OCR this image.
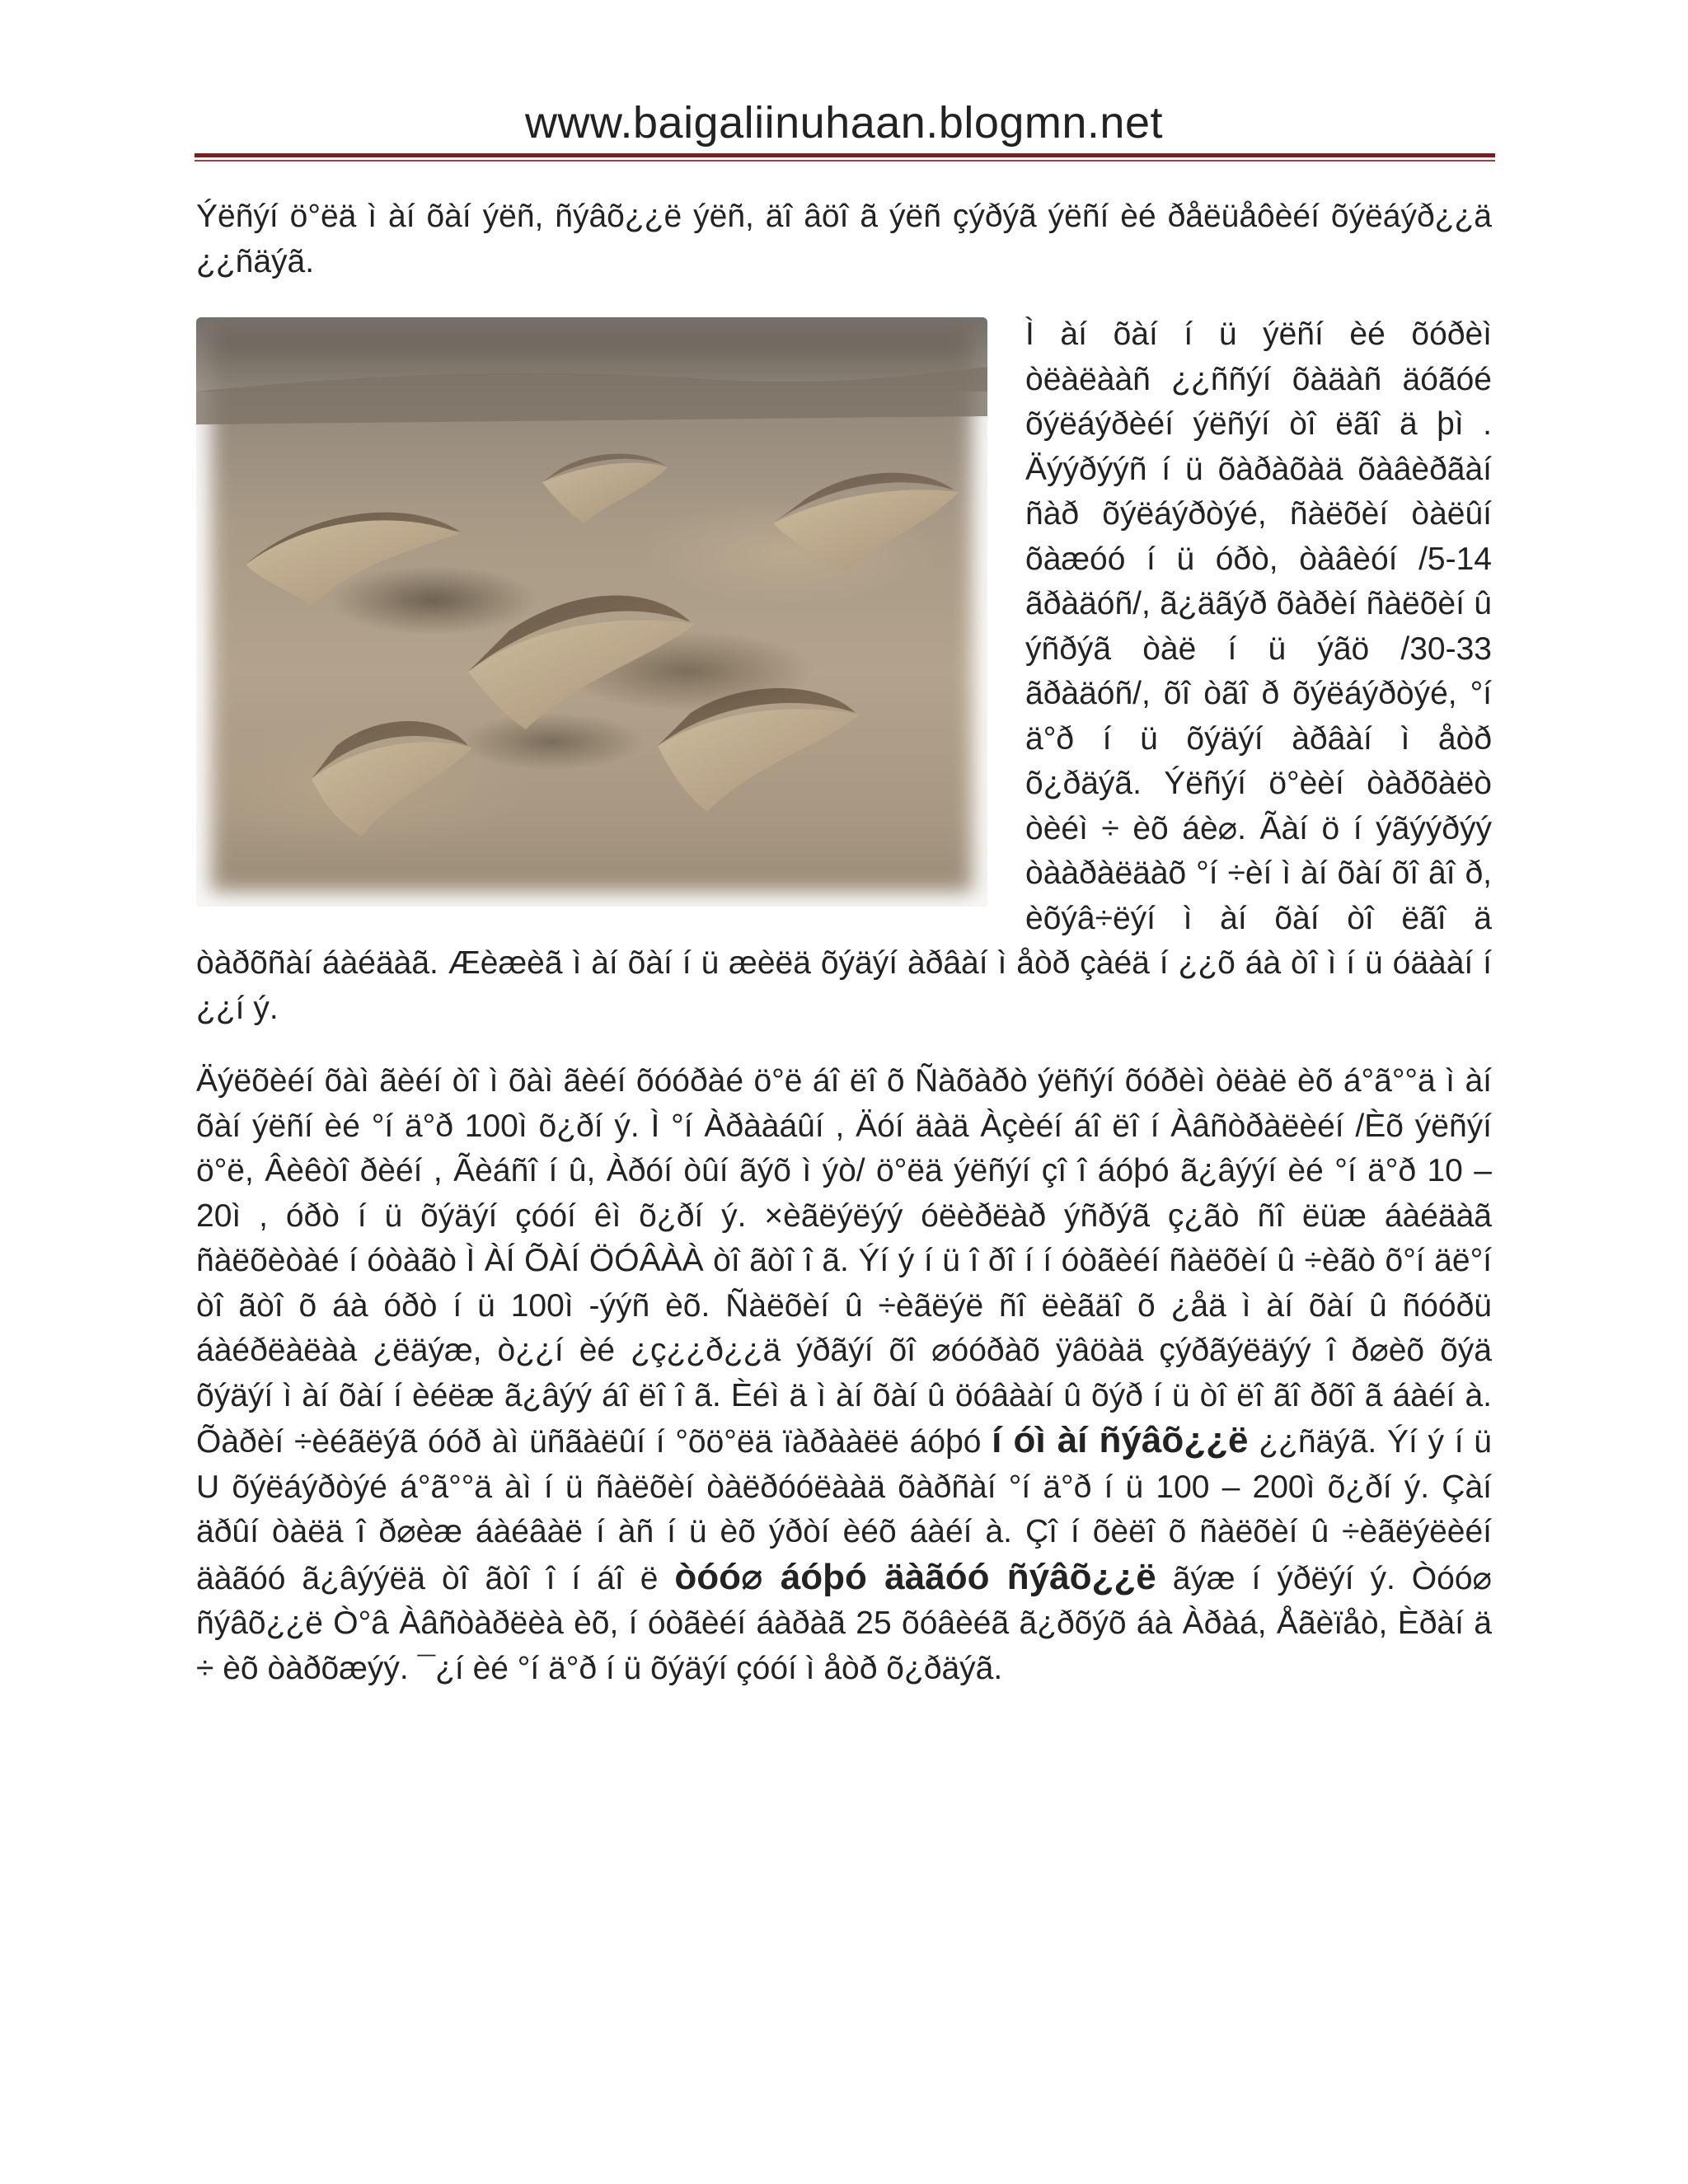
www.baigaliinuhaan.blogmn.net

Ýëñýí ö°ëä ì àí õàí ýëñ, ñýâõ¿¿ë ýëñ, äî âöî ã ýëñ çýðýã ýëñí èé ðåëüåôèéí õýëáýð¿¿ä ¿¿ñäýã.

Ì àí õàí í ü ýëñí èé õóðèì òëàëààñ ¿¿ññýí õàäàñ äóãóé õýëáýðèéí ýëñýí òî ëãî ä þì . Äýýðýýñ í ü õàðàõàä õàâèðãàí ñàð õýëáýðòýé, ñàëõèí òàëûí õàæóó í ü óðò, òàâèóí /5-14 ãðàäóñ/, ã¿äãýð õàðèí ñàëõèí û ýñðýã òàë í ü ýãö /30-33 ãðàäóñ/, õî òãî ð õýëáýðòýé, °í ä°ð í ü õýäýí àðâàí ì åòð õ¿ðäýã. Ýëñýí ö°èèí òàðõàëò òèéì ÷ èõ áè⌀. Ãàí ö í ýãýýðýý òààðàëäàõ °í ÷èí ì àí õàí õî âî ð, èõýâ÷ëýí ì àí õàí òî ëãî ä òàðõñàí áàéäàã. Æèæèã ì àí õàí í ü æèëä õýäýí àðâàí ì åòð çàéä í ¿¿õ áà òî ì í ü óäààí í ¿¿í ý.

Äýëõèéí õàì ãèéí òî ì õàì ãèéí õóóðàé ö°ë áî ëî õ Ñàõàðò ýëñýí õóðèì òëàë èõ á°ã°°ä ì àí õàí ýëñí èé °í ä°ð 100ì õ¿ðí ý. Ì °í Àðààáûí , Äóí äàä Àçèéí áî ëî í Àâñòðàëèéí /Èõ ýëñýí ö°ë, Âèêòî ðèéí , Ãèáñî í û, Àðóí òûí ãýõ ì ýò/ ö°ëä ýëñýí çî î áóþó ã¿âýýí èé °í ä°ð 10 – 20ì , óðò í ü õýäýí çóóí êì õ¿ðí ý. ×èãëýëýý óëèðëàð ýñðýã ç¿ãò ñî ëüæ áàéäàã ñàëõèòàé í óòàãò Ì ÀÍ ÕÀÍ ÖÓÂÀÀ òî ãòî î ã. Ýí ý í ü î ðî í í óòãèéí ñàëõèí û ÷èãò õ°í äë°í òî ãòî õ áà óðò í ü 100ì -ýýñ èõ. Ñàëõèí û ÷èãëýë ñî ëèãäî õ ¿åä ì àí õàí û ñóóðü áàéðëàëàà ¿ëäýæ, ò¿¿í èé ¿ç¿¿ð¿¿ä ýðãýí õî ⌀óóðàõ ÿâöàä çýðãýëäýý î ð⌀èõ õýä õýäýí ì àí õàí í èéëæ ã¿âýý áî ëî î ã. Èéì ä ì àí õàí û öóâààí û õýð í ü òî ëî ãî ðõî ã áàéí à. Õàðèí ÷èéãëýã óóð àì üñãàëûí í °õö°ëä ïàðààëë áóþó í óì àí ñýâõ¿¿ë ¿¿ñäýã. Ýí ý í ü U õýëáýðòýé á°ã°°ä àì í ü ñàëõèí òàëðóóëààä õàðñàí °í ä°ð í ü 100 – 200ì õ¿ðí ý. Çàí äðûí òàëä î ð⌀èæ áàéâàë í àñ í ü èõ ýðòí èéõ áàéí à. Çî í õèëî õ ñàëõèí û ÷èãëýëèéí äàãóó ã¿âýýëä òî ãòî î í áî ë òóó⌀ áóþó äàãóó ñýâõ¿¿ë ãýæ í ýðëýí ý. Òóó⌀ ñýâõ¿¿ë Ò°â Àâñòàðëèà èõ, í óòãèéí áàðàã 25 õóâèéã ã¿ðõýõ áà Àðàá, Åãèïåò, Èðàí ä ÷ èõ òàðõæýý. ¯¿í èé °í ä°ð í ü õýäýí çóóí ì åòð õ¿ðäýã.
